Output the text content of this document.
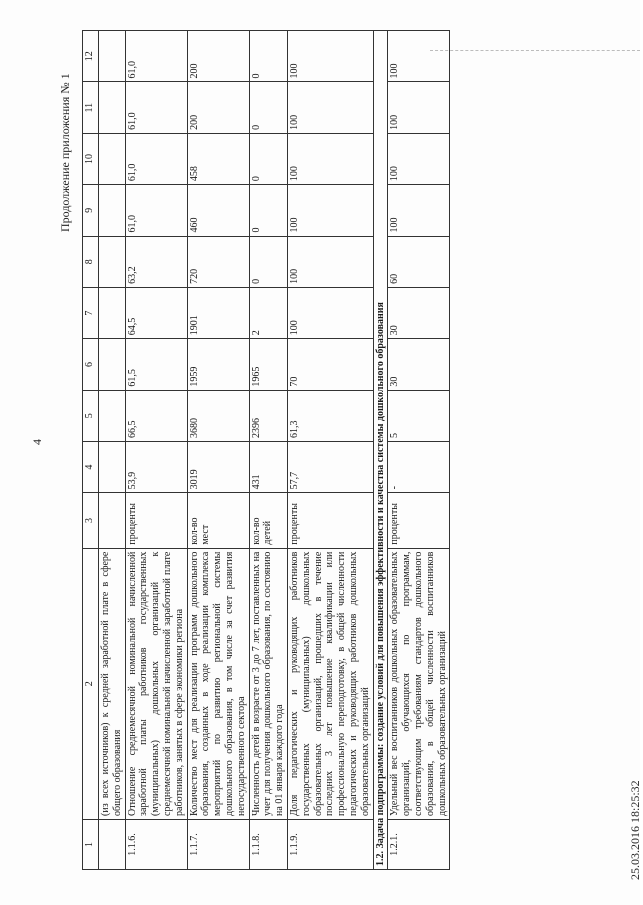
4
Продолжение приложения № 1
25.03.2016 18:25:32
1	2	3	4	5	6	7	8	9	10	11	12
	(из всех источников) к средней заработной плате в сфере общего образования										
1.1.6.	Отношение среднемесячной номинальной начисленной заработной платы работников государственных (муниципальных) дошкольных организаций к среднемесячной номинальной начисленной заработной плате работников, занятых в сфере экономики региона	проценты	53,9	66,5	61,5	64,5	63,2	61,0	61,0	61,0	61,0
1.1.7.	Количество мест для реализации программ дошкольного образования, созданных в ходе реализации комплекса мероприятий по развитию региональной системы дошкольного образования, в том числе за счет развития негосударственного сектора	кол-во мест	3019	3680	1959	1901	720	460	458	200	200
1.1.8.	Численность детей в возрасте от 3 до 7 лет, поставленных на учет для получения дошкольного образования, по состоянию на 01 января каждого года	кол-во детей	431	2396	1965	2	0	0	0	0	0
1.1.9.	Доля педагогических и руководящих работников государственных (муниципальных) дошкольных образовательных организаций, прошедших в течение последних 3 лет повышение квалификации или профессиональную переподготовку, в общей численности педагогических и руководящих работников дошкольных образовательных организаций	проценты	57,7	61,3	70	100	100	100	100	100	100
1.2. Задача подпрограммы: создание условий для повышения эффективности и качества системы дошкольного образования											
1.2.1.	Удельный вес воспитанников дошкольных образовательных организаций, обучающихся по программам, соответствующим требованиям стандартов дошкольного образования, в общей численности воспитанников дошкольных образовательных организаций	проценты	-	5	30	30	60	100	100	100	100
